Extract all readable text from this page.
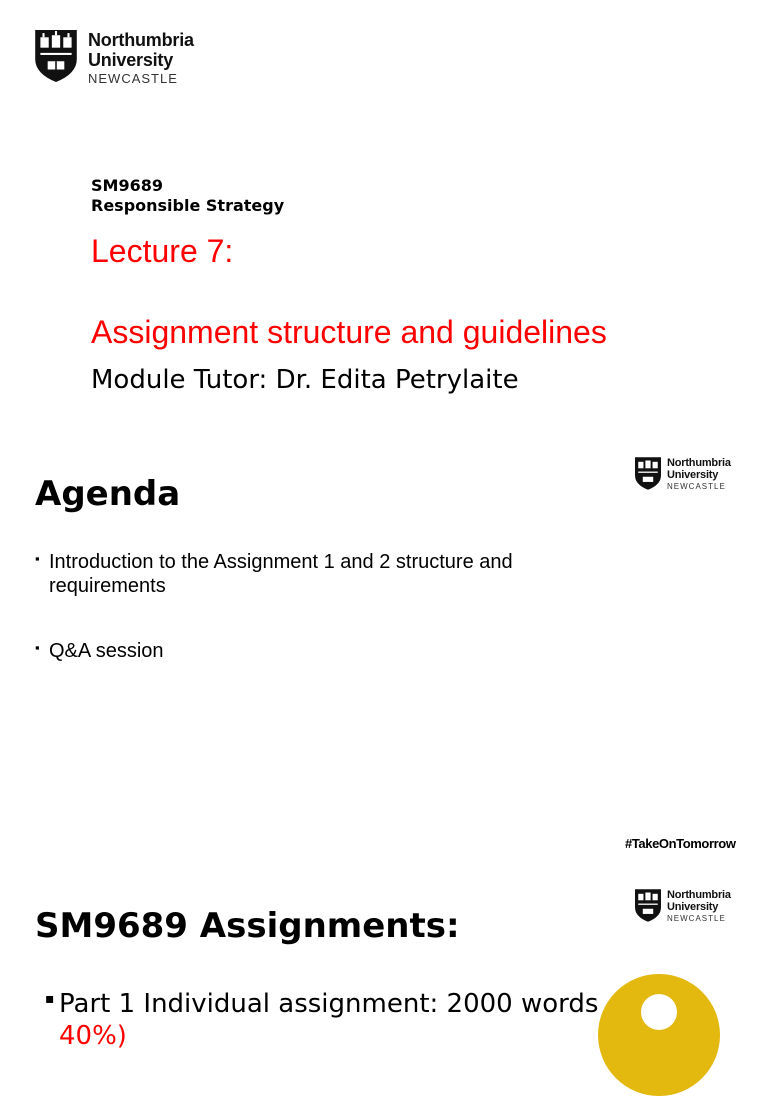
Northumbria
University
NEWCASTLE
SM9689
Responsible Strategy
Lecture 7:
Assignment structure and guidelines
Module Tutor: Dr. Edita Petrylaite
Northumbria
University
NEWCASTLE
Agenda
▪ Introduction to the Assignment 1 and 2 structure and requirements
▪ Q&A session
#TakeOnTomorrow
Northumbria
University
NEWCASTLE
SM9689 Assignments:
▪ Part 1 Individual assignment: 2000 words
40%)
